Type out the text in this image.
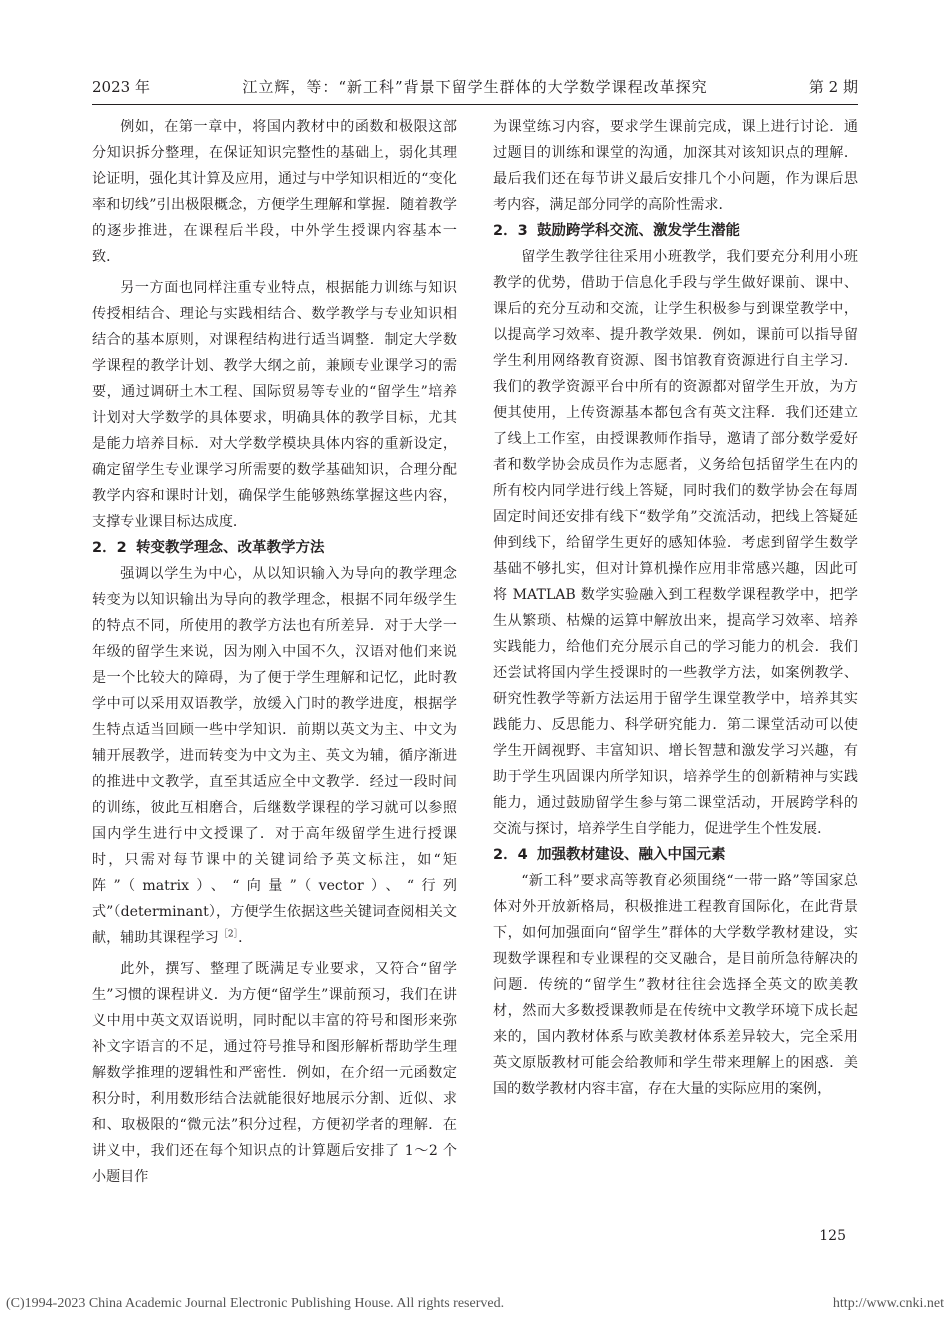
2023 年	江立辉，等：“新工科”背景下留学生群体的大学数学课程改革探究	第 2 期

例如，在第一章中，将国内教材中的函数和极限这部分知识拆分整理，在保证知识完整性的基础上，弱化其理论证明，强化其计算及应用，通过与中学知识相近的“变化率和切线”引出极限概念，方便学生理解和掌握．随着教学的逐步推进，在课程后半段，中外学生授课内容基本一致．

另一方面也同样注重专业特点，根据能力训练与知识传授相结合、理论与实践相结合、数学教学与专业知识相结合的基本原则，对课程结构进行适当调整．制定大学数学课程的教学计划、教学大纲之前，兼顾专业课学习的需要，通过调研土木工程、国际贸易等专业的“留学生”培养计划对大学数学的具体要求，明确具体的教学目标，尤其是能力培养目标．对大学数学模块具体内容的重新设定，确定留学生专业课学习所需要的数学基础知识，合理分配教学内容和课时计划，确保学生能够熟练掌握这些内容，支撑专业课目标达成度．

2．2 转变教学理念、改革教学方法

强调以学生为中心，从以知识输入为导向的教学理念转变为以知识输出为导向的教学理念，根据不同年级学生的特点不同，所使用的教学方法也有所差异．对于大学一年级的留学生来说，因为刚入中国不久，汉语对他们来说是一个比较大的障碍，为了便于学生理解和记忆，此时教学中可以采用双语教学，放缓入门时的教学进度，根据学生特点适当回顾一些中学知识．前期以英文为主、中文为辅开展教学，进而转变为中文为主、英文为辅，循序渐进的推进中文教学，直至其适应全中文教学．经过一段时间的训练，彼此互相磨合，后继数学课程的学习就可以参照国内学生进行中文授课了．对于高年级留学生进行授课时，只需对每节课中的关键词给予英文标注，如“矩阵”（matrix）、“向量”（vector）、“行列式”（determinant），方便学生依据这些关键词查阅相关文献，辅助其课程学习$^{[2]}$．

此外，撰写、整理了既满足专业要求，又符合“留学生”习惯的课程讲义．为方便“留学生”课前预习，我们在讲义中用中英文双语说明，同时配以丰富的符号和图形来弥补文字语言的不足，通过符号推导和图形解析帮助学生理解数学推理的逻辑性和严密性．例如，在介绍一元函数定积分时，利用数形结合法就能很好地展示分割、近似、求和、取极限的“微元法”积分过程，方便初学者的理解．在讲义中，我们还在每个知识点的计算题后安排了 1～2 个小题目作

为课堂练习内容，要求学生课前完成，课上进行讨论．通过题目的训练和课堂的沟通，加深其对该知识点的理解．最后我们还在每节讲义最后安排几个小问题，作为课后思考内容，满足部分同学的高阶性需求．

2．3 鼓励跨学科交流、激发学生潜能

留学生教学往往采用小班教学，我们要充分利用小班教学的优势，借助于信息化手段与学生做好课前、课中、课后的充分互动和交流，让学生积极参与到课堂教学中，以提高学习效率、提升教学效果．例如，课前可以指导留学生利用网络教育资源、图书馆教育资源进行自主学习．我们的教学资源平台中所有的资源都对留学生开放，为方便其使用，上传资源基本都包含有英文注释．我们还建立了线上工作室，由授课教师作指导，邀请了部分数学爱好者和数学协会成员作为志愿者，义务给包括留学生在内的所有校内同学进行线上答疑，同时我们的数学协会在每周固定时间还安排有线下“数学角”交流活动，把线上答疑延伸到线下，给留学生更好的感知体验．考虑到留学生数学基础不够扎实，但对计算机操作应用非常感兴趣，因此可将 MATLAB 数学实验融入到工程数学课程教学中，把学生从繁琐、枯燥的运算中解放出来，提高学习效率、培养实践能力，给他们充分展示自己的学习能力的机会．我们还尝试将国内学生授课时的一些教学方法，如案例教学、研究性教学等新方法运用于留学生课堂教学中，培养其实践能力、反思能力、科学研究能力．第二课堂活动可以使学生开阔视野、丰富知识、增长智慧和激发学习兴趣，有助于学生巩固课内所学知识，培养学生的创新精神与实践能力，通过鼓励留学生参与第二课堂活动，开展跨学科的交流与探讨，培养学生自学能力，促进学生个性发展．

2．4 加强教材建设、融入中国元素

“新工科”要求高等教育必须围绕“一带一路”等国家总体对外开放新格局，积极推进工程教育国际化，在此背景下，如何加强面向“留学生”群体的大学数学教材建设，实现数学课程和专业课程的交叉融合，是目前所急待解决的问题．传统的“留学生”教材往往会选择全英文的欧美教材，然而大多数授课教师是在传统中文教学环境下成长起来的，国内教材体系与欧美教材体系差异较大，完全采用英文原版教材可能会给教师和学生带来理解上的困惑．美国的数学教材内容丰富，存在大量的实际应用的案例，

125
(C)1994-2023 China Academic Journal Electronic Publishing House. All rights reserved.	http://www.cnki.net
